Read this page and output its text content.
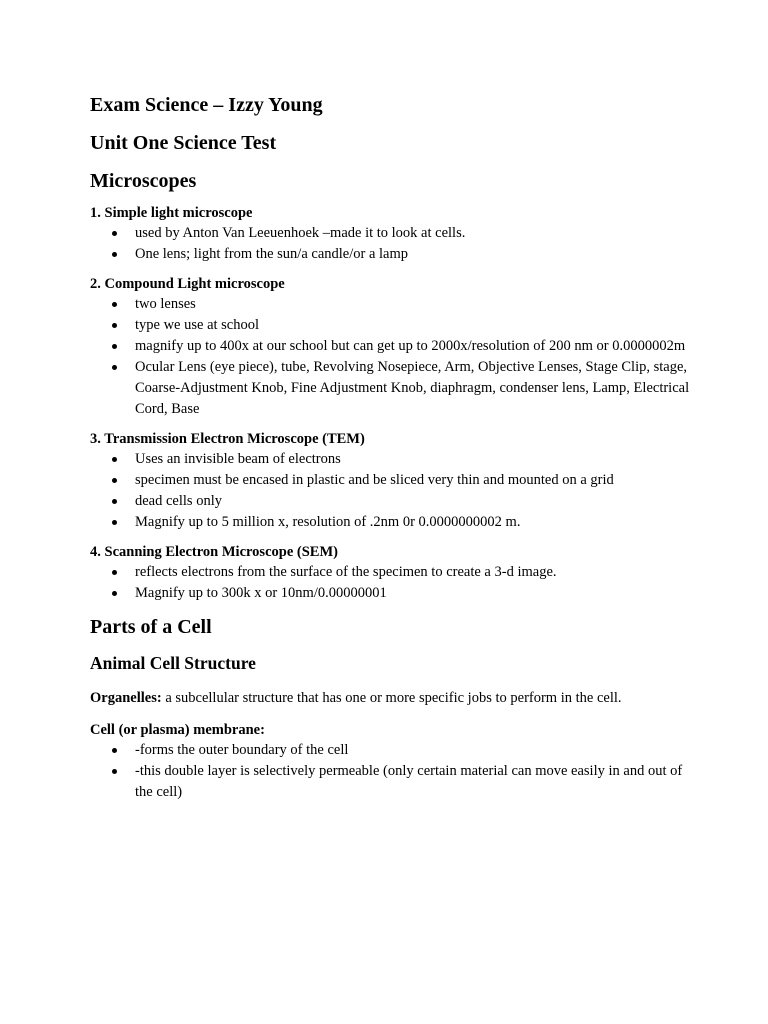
Exam Science – Izzy Young
Unit One Science Test
Microscopes
1. Simple light microscope
used by Anton Van Leeuenhoek –made it to look at cells.
One lens; light from the sun/a candle/or a lamp
2. Compound Light microscope
two lenses
type we use at school
magnify up to 400x at our school but can get up to 2000x/resolution of 200 nm or 0.0000002m
Ocular Lens (eye piece), tube, Revolving Nosepiece, Arm, Objective Lenses, Stage Clip, stage, Coarse-Adjustment Knob, Fine Adjustment Knob, diaphragm, condenser lens, Lamp, Electrical Cord, Base
3. Transmission Electron Microscope (TEM)
Uses an invisible beam of electrons
specimen must be encased in plastic and be sliced very thin and mounted on a grid
dead cells only
Magnify up to 5 million x, resolution of .2nm 0r 0.0000000002 m.
4. Scanning Electron Microscope (SEM)
reflects electrons from the surface of the specimen to create a 3-d image.
Magnify up to 300k x or 10nm/0.00000001
Parts of a Cell
Animal Cell Structure

Organelles: a subcellular structure that has one or more specific jobs to perform in the cell.

Cell (or plasma) membrane:
-forms the outer boundary of the cell
-this double layer is selectively permeable (only certain material can move easily in and out of the cell)
